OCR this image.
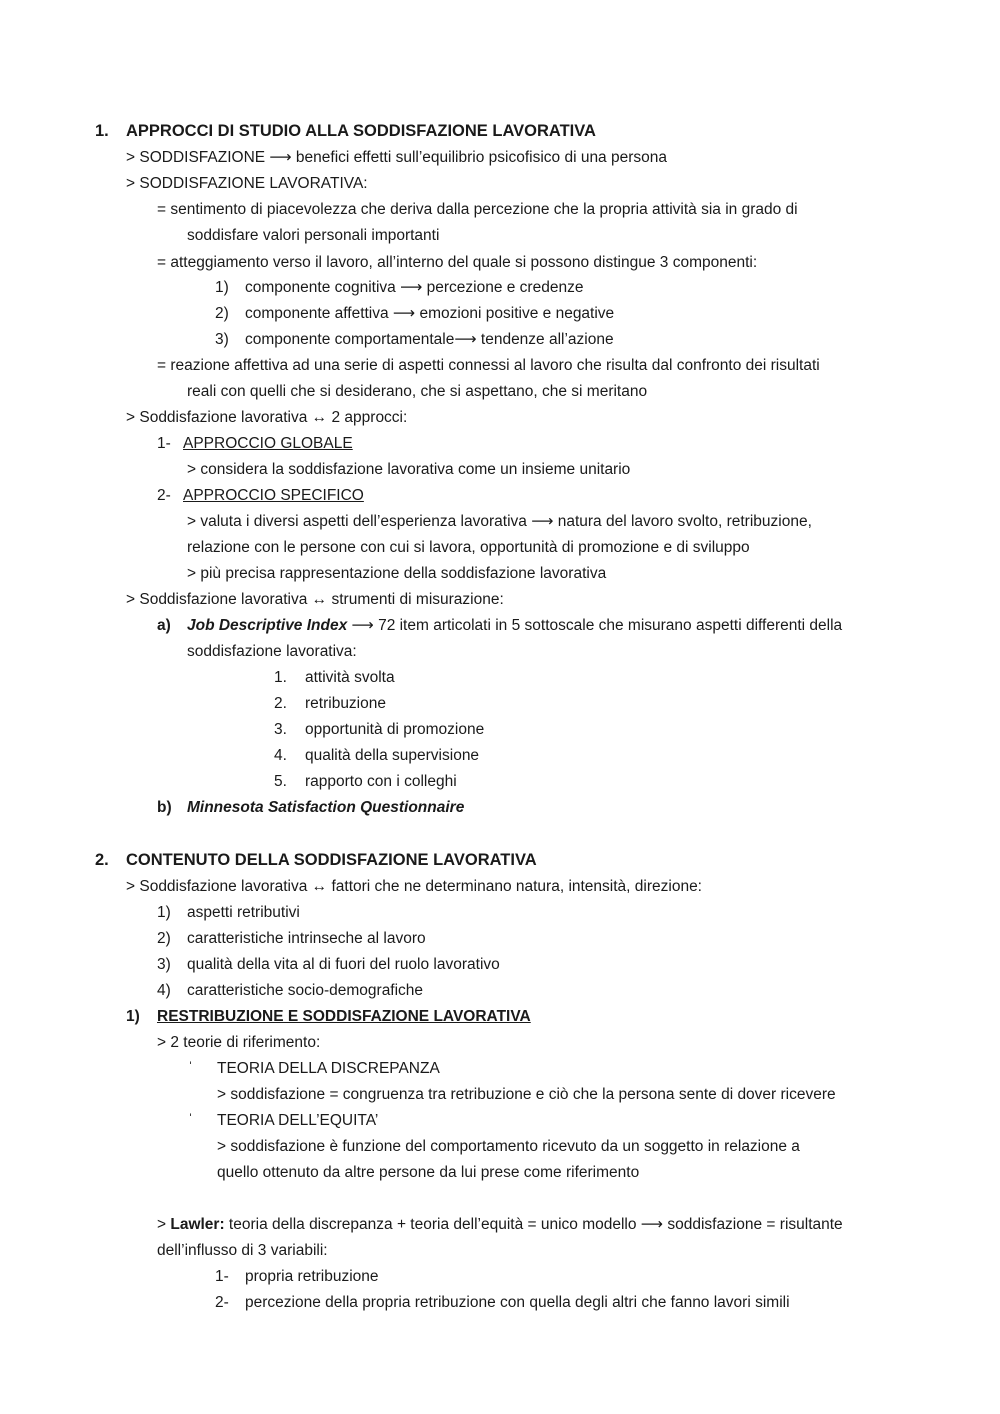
1. APPROCCI DI STUDIO ALLA SODDISFAZIONE LAVORATIVA
> SODDISFAZIONE ⟶ benefici effetti sull’equilibrio psicofisico di una persona
> SODDISFAZIONE LAVORATIVA:
= sentimento di piacevolezza che deriva dalla percezione che la propria attività sia in grado di
soddisfare valori personali importanti
= atteggiamento verso il lavoro, all’interno del quale si possono distingue 3 componenti:
1) componente cognitiva ⟶ percezione e credenze
2) componente affettiva ⟶ emozioni positive e negative
3) componente comportamentale⟶ tendenze all’azione
= reazione affettiva ad una serie di aspetti connessi al lavoro che risulta dal confronto dei risultati
reali con quelli che si desiderano, che si aspettano, che si meritano
> Soddisfazione lavorativa ↔ 2 approcci:
1- APPROCCIO GLOBALE
> considera la soddisfazione lavorativa come un insieme unitario
2- APPROCCIO SPECIFICO
> valuta i diversi aspetti dell’esperienza lavorativa ⟶ natura del lavoro svolto, retribuzione,
relazione con le persone con cui si lavora, opportunità di promozione e di sviluppo
> più precisa rappresentazione della soddisfazione lavorativa
> Soddisfazione lavorativa ↔ strumenti di misurazione:
a) Job Descriptive Index ⟶ 72 item articolati in 5 sottoscale che misurano aspetti differenti della
soddisfazione lavorativa:
1. attività svolta
2. retribuzione
3. opportunità di promozione
4. qualità della supervisione
5. rapporto con i colleghi
b) Minnesota Satisfaction Questionnaire
2. CONTENUTO DELLA SODDISFAZIONE LAVORATIVA
> Soddisfazione lavorativa ↔ fattori che ne determinano natura, intensità, direzione:
1) aspetti retributivi
2) caratteristiche intrinseche al lavoro
3) qualità della vita al di fuori del ruolo lavorativo
4) caratteristiche socio-demografiche
1) RESTRIBUZIONE E SODDISFAZIONE LAVORATIVA
> 2 teorie di riferimento:
ˈ TEORIA DELLA DISCREPANZA
> soddisfazione = congruenza tra retribuzione e ciò che la persona sente di dover ricevere
ˈ TEORIA DELL’EQUITA’
> soddisfazione è funzione del comportamento ricevuto da un soggetto in relazione a
quello ottenuto da altre persone da lui prese come riferimento
> Lawler: teoria della discrepanza + teoria dell’equità = unico modello ⟶ soddisfazione = risultante
dell’influsso di 3 variabili:
1- propria retribuzione
2- percezione della propria retribuzione con quella degli altri che fanno lavori simili
